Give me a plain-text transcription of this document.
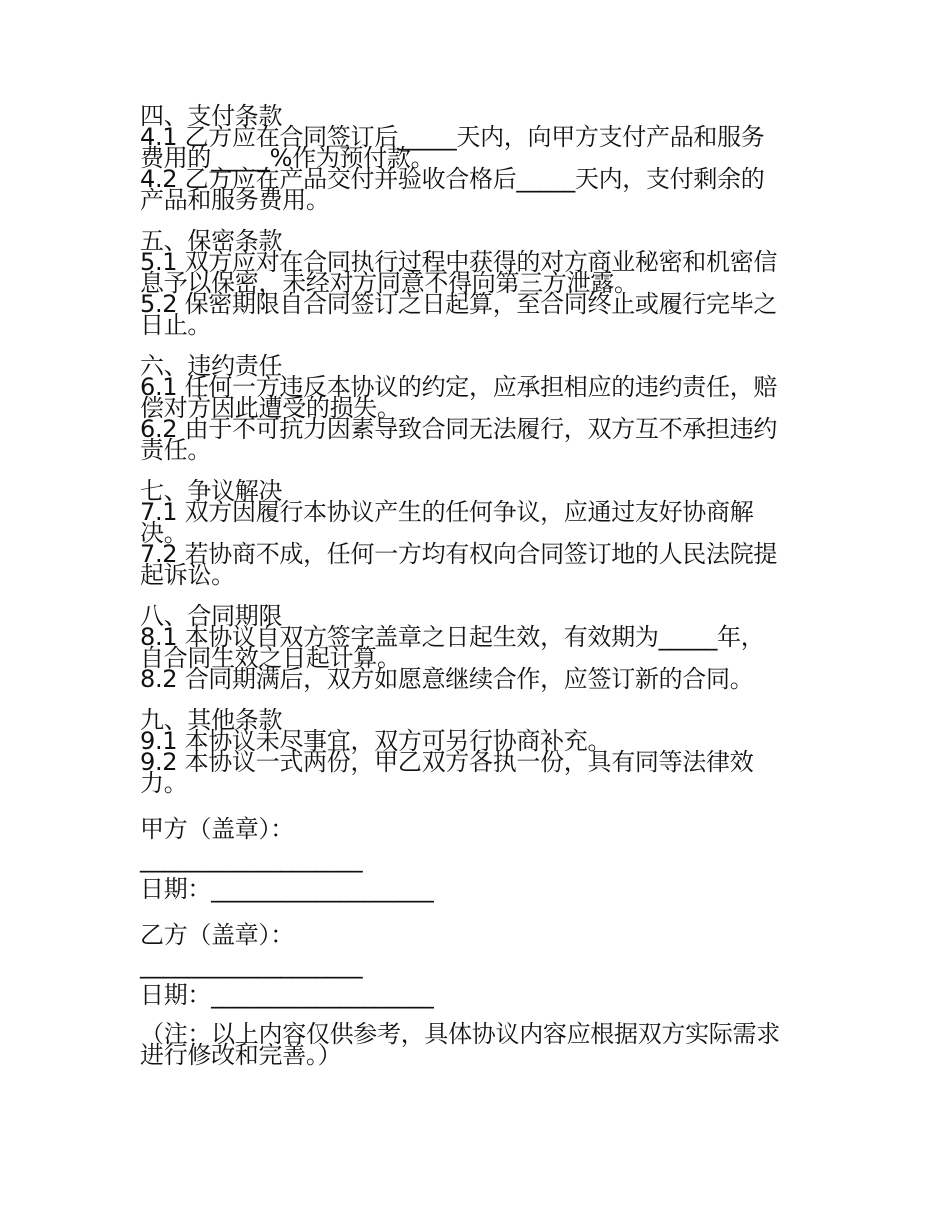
四、支付条款
4.1 乙方应在合同签订后_____天内，向甲方支付产品和服务
费用的_____%作为预付款。
4.2 乙方应在产品交付并验收合格后_____天内，支付剩余的
产品和服务费用。
五、保密条款
5.1 双方应对在合同执行过程中获得的对方商业秘密和机密信
息予以保密，未经对方同意不得向第三方泄露。
5.2 保密期限自合同签订之日起算，至合同终止或履行完毕之
日止。
六、违约责任
6.1 任何一方违反本协议的约定，应承担相应的违约责任，赔
偿对方因此遭受的损失。
6.2 由于不可抗力因素导致合同无法履行，双方互不承担违约
责任。
七、争议解决
7.1 双方因履行本协议产生的任何争议，应通过友好协商解
决。
7.2 若协商不成，任何一方均有权向合同签订地的人民法院提
起诉讼。
八、合同期限
8.1 本协议自双方签字盖章之日起生效，有效期为_____年，
自合同生效之日起计算。
8.2 合同期满后，双方如愿意继续合作，应签订新的合同。
九、其他条款
9.1 本协议未尽事宜，双方可另行协商补充。
9.2 本协议一式两份，甲乙双方各执一份，具有同等法律效
力。
甲方（盖章）：
___________________
日期：___________________
乙方（盖章）：
___________________
日期：___________________
（注：以上内容仅供参考，具体协议内容应根据双方实际需求
进行修改和完善。）
